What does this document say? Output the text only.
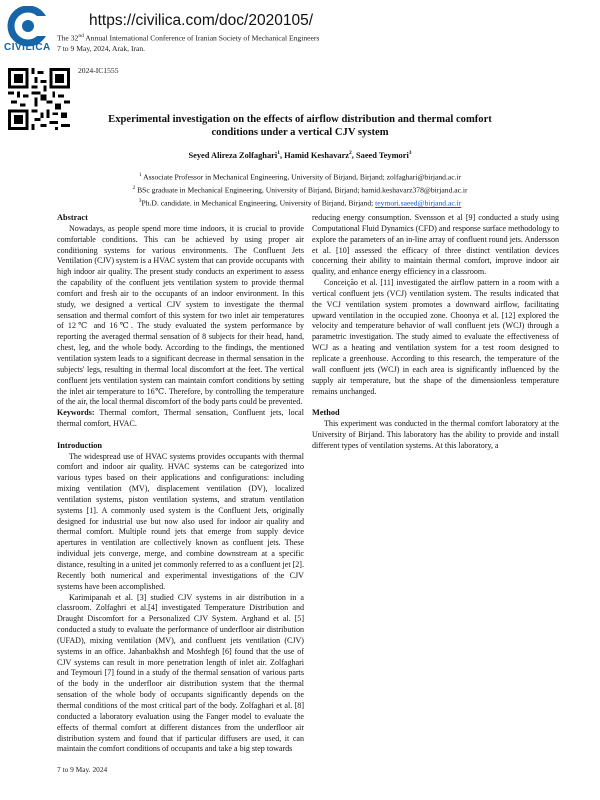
CIVILICA
https://civilica.com/doc/2020105/
The 32nd Annual International Conference of Iranian Society of Mechanical Engineers
7 to 9 May, 2024, Arak, Iran.
2024-IC1555
Experimental investigation on the effects of airflow distribution and thermal comfort
conditions under a vertical CJV system
Seyed Alireza Zolfaghari$^1$, Hamid Keshavarz$^2$, Saeed Teymori$^3$
$^1$ Associate Professor in Mechanical Engineering, University of Birjand, Birjand; zolfaghari@birjand.ac.ir
$^2$ BSc graduate in Mechanical Engineering, University of Birjand, Birjand; hamid.keshavarz378@birjand.ac.ir
$^3$Ph.D. candidate. in Mechanical Engineering, University of Birjand, Birjand; teymori.saeed@birjand.ac.ir
Abstract

Nowadays, as people spend more time indoors, it is crucial to provide comfortable conditions. This can be achieved by using proper air conditioning systems for various environments. The Confluent Jets Ventilation (CJV) system is a HVAC system that can provide occupants with high indoor air quality. The present study conducts an experiment to assess the capability of the confluent jets ventilation system to provide thermal comfort and fresh air to the occupants of an indoor environment. In this study, we designed a vertical CJV system to investigate the thermal sensation and thermal comfort of this system for two inlet air temperatures of 12℃ and 16℃. The study evaluated the system performance by reporting the averaged thermal sensation of 8 subjects for their head, hand, chest, leg, and the whole body. According to the findings, the mentioned ventilation system leads to a significant decrease in thermal sensation in the subjects' legs, resulting in thermal local discomfort at the feet. The vertical confluent jets ventilation system can maintain comfort conditions by setting the inlet air temperature to 16℃. Therefore, by controlling the temperature of the air, the local thermal discomfort of the body parts could be prevented.

Keywords: Thermal comfort, Thermal sensation, Confluent jets, local thermal comfort, HVAC.

Introduction

The widespread use of HVAC systems provides occupants with thermal comfort and indoor air quality. HVAC systems can be categorized into various types based on their applications and configurations: including mixing ventilation (MV), displacement ventilation (DV), localized ventilation systems, piston ventilation systems, and stratum ventilation systems [1]. A commonly used system is the Confluent Jets, originally designed for industrial use but now also used for indoor air quality and thermal comfort. Multiple round jets that emerge from supply device apertures in ventilation are collectively known as confluent jets. These individual jets converge, merge, and combine downstream at a specific distance, resulting in a united jet commonly referred to as a confluent jet [2]. Recently both numerical and experimental investigations of the CJV systems have been accomplished.

Karimipanah et al. [3] studied CJV systems in air distribution in a classroom. Zolfaghri et al.[4] investigated Temperature Distribution and Draught Discomfort for a Personalized CJV System. Arghand et al. [5] conducted a study to evaluate the performance of underfloor air distribution (UFAD), mixing ventilation (MV), and confluent jets ventilation (CJV) systems in an office. Jahanbakhsh and Moshfegh [6] found that the use of CJV systems can result in more penetration length of inlet air. Zolfaghari and Teymouri [7] found in a study of the thermal sensation of various parts of the body in the underfloor air distribution system that the thermal sensation of the whole body of occupants significantly depends on the thermal conditions of the most critical part of the body. Zolfaghari et al. [8] conducted a laboratory evaluation using the Fanger model to evaluate the effects of thermal comfort at different distances from the underfloor air distribution system and found that if particular diffusers are used, it can maintain the comfort conditions of occupants and take a big step towards

reducing energy consumption. Svensson et al [9] conducted a study using Computational Fluid Dynamics (CFD) and response surface methodology to explore the parameters of an in-line array of confluent round jets. Andersson et al. [10] assessed the efficacy of three distinct ventilation devices concerning their ability to maintain thermal comfort, improve indoor air quality, and enhance energy efficiency in a classroom.

Conceição et al. [11] investigated the airflow pattern in a room with a vertical confluent jets (VCJ) ventilation system. The results indicated that the VCJ ventilation system promotes a downward airflow, facilitating upward ventilation in the occupied zone. Choonya et al. [12] explored the velocity and temperature behavior of wall confluent jets (WCJ) through a parametric investigation. The study aimed to evaluate the effectiveness of WCJ as a heating and ventilation system for a test room designed to replicate a greenhouse. According to this research, the temperature of the wall confluent jets (WCJ) in each area is significantly influenced by the supply air temperature, but the shape of the dimensionless temperature remains unchanged.

Method

This experiment was conducted in the thermal comfort laboratory at the University of Birjand. This laboratory has the ability to provide and install different types of ventilation systems. At this laboratory, a

7 to 9 May. 2024
